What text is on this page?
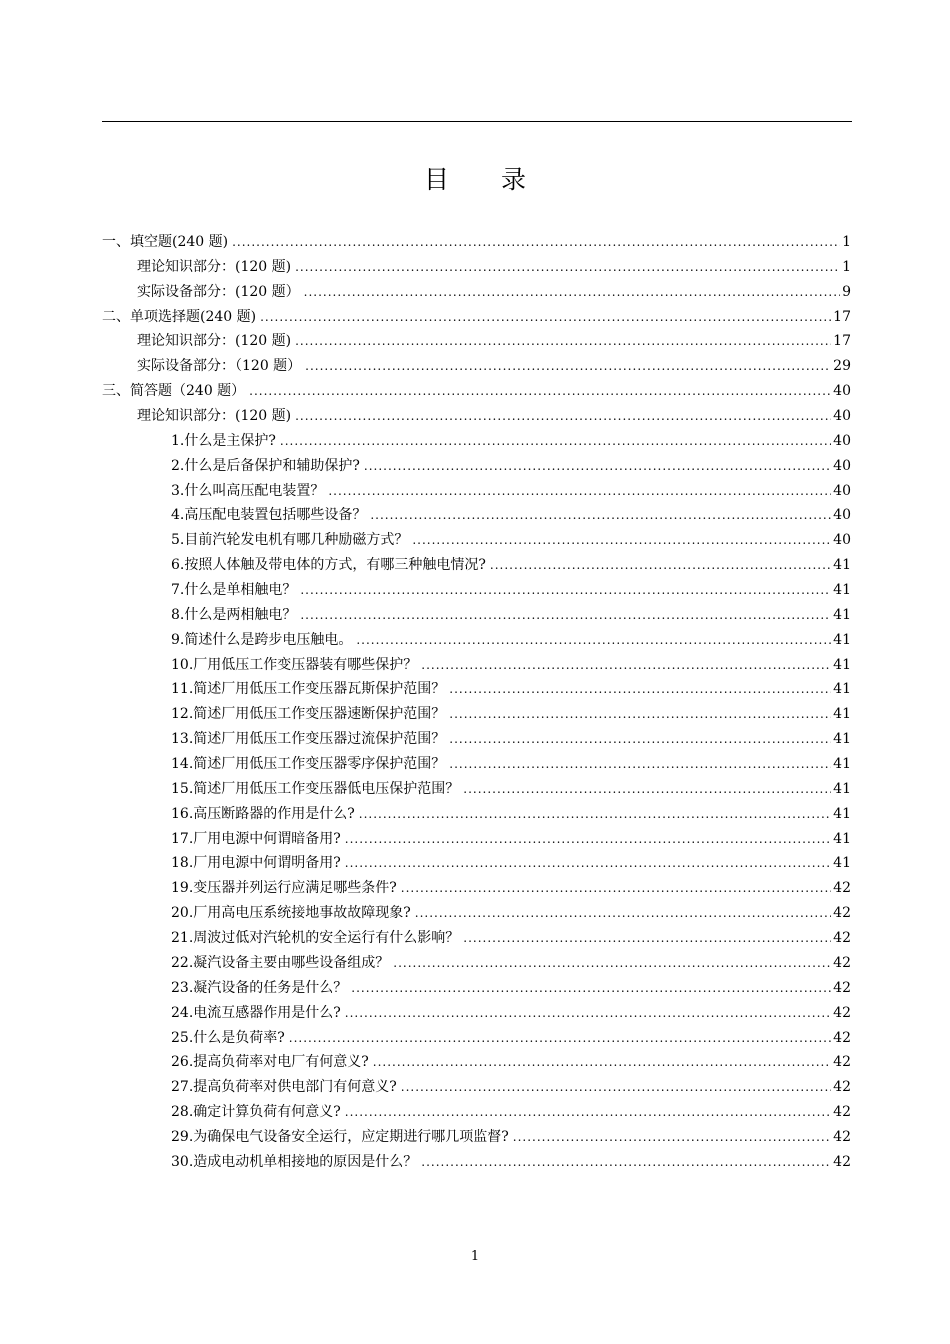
目 录
一、填空题(240 题) .....	1
理论知识部分：(120 题) .....	1
实际设备部分：(120 题） .....	9
二、单项选择题(240 题) .....	17
理论知识部分：(120 题) .....	17
实际设备部分：（120 题） .....	29
三、简答题（240 题） .....	40
理论知识部分：(120 题) .....	40
1. 什么是主保护? .....	40
2. 什么是后备保护和辅助保护? .....	40
3. 什么叫高压配电装置？ .....	40
4. 高压配电装置包括哪些设备？ .....	40
5. 目前汽轮发电机有哪几种励磁方式？ .....	40
6. 按照人体触及带电体的方式，有哪三种触电情况? .....	41
7. 什么是单相触电？ .....	41
8. 什么是两相触电？ .....	41
9. 简述什么是跨步电压触电。 .....	41
10. 厂用低压工作变压器装有哪些保护？ .....	41
11. 简述厂用低压工作变压器瓦斯保护范围？ .....	41
12. 简述厂用低压工作变压器速断保护范围？ .....	41
13. 简述厂用低压工作变压器过流保护范围？ .....	41
14. 简述厂用低压工作变压器零序保护范围？ .....	41
15. 简述厂用低压工作变压器低电压保护范围？ .....	41
16. 高压断路器的作用是什么? .....	41
17. 厂用电源中何谓暗备用? .....	41
18. 厂用电源中何谓明备用? .....	41
19. 变压器并列运行应满足哪些条件? .....	42
20. 厂用高电压系统接地事故故障现象? .....	42
21. 周波过低对汽轮机的安全运行有什么影响？ .....	42
22. 凝汽设备主要由哪些设备组成？ .....	42
23. 凝汽设备的任务是什么？ .....	42
24. 电流互感器作用是什么? .....	42
25. 什么是负荷率? .....	42
26. 提高负荷率对电厂有何意义? .....	42
27. 提高负荷率对供电部门有何意义? .....	42
28. 确定计算负荷有何意义? .....	42
29. 为确保电气设备安全运行，应定期进行哪几项监督? .....	42
30. 造成电动机单相接地的原因是什么？ .....	42
1
